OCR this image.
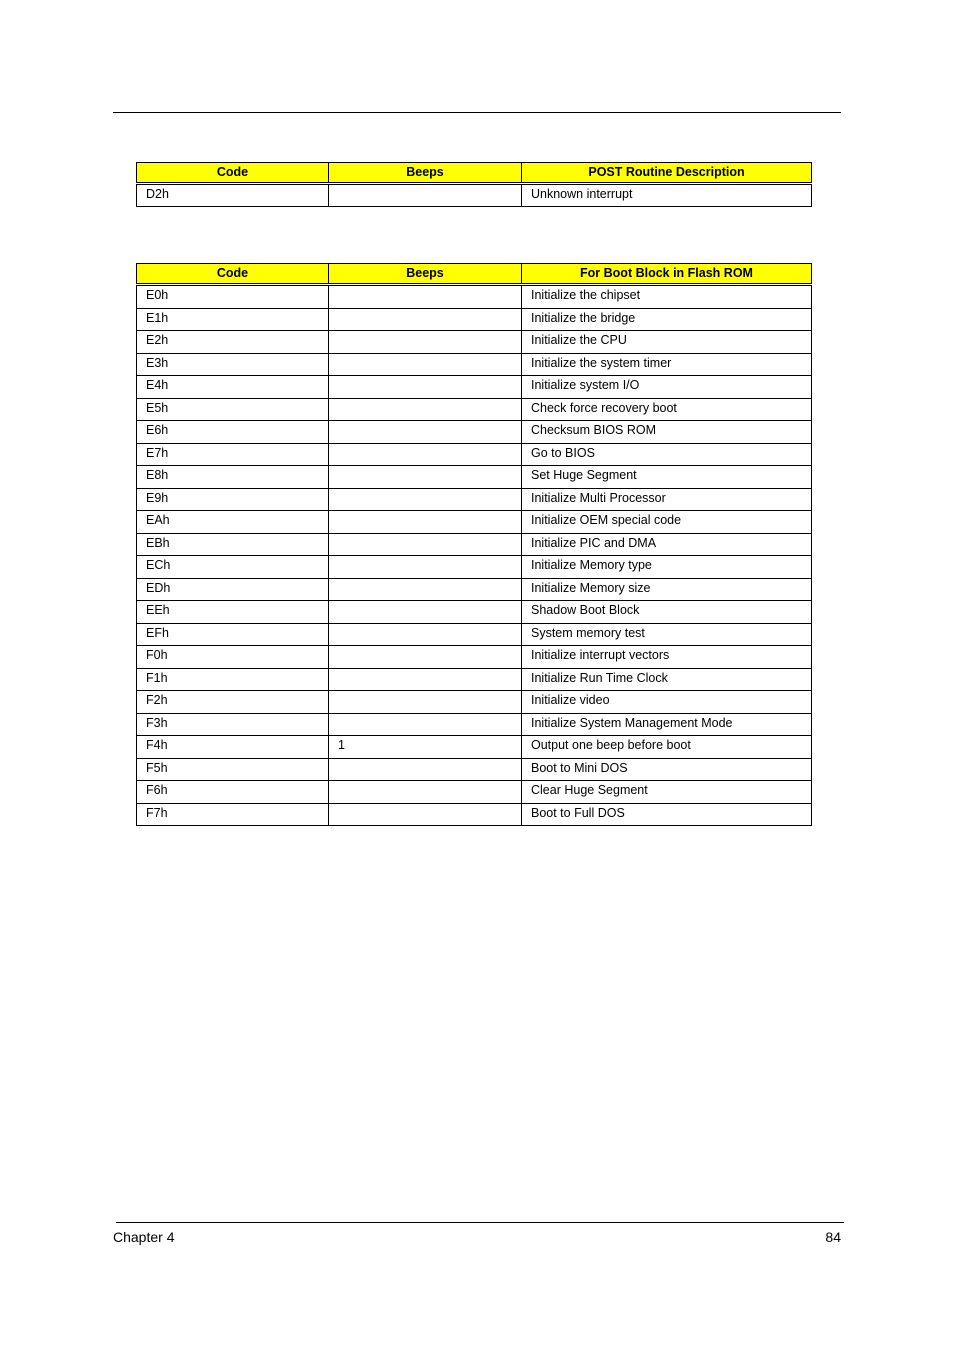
Code	Beeps	POST Routine Description
D2h		Unknown interrupt
Code	Beeps	For Boot Block in Flash ROM
E0h		Initialize the chipset
E1h		Initialize the bridge
E2h		Initialize the CPU
E3h		Initialize the system timer
E4h		Initialize system I/O
E5h		Check force recovery boot
E6h		Checksum BIOS ROM
E7h		Go to BIOS
E8h		Set Huge Segment
E9h		Initialize Multi Processor
EAh		Initialize OEM special code
EBh		Initialize PIC and DMA
ECh		Initialize Memory type
EDh		Initialize Memory size
EEh		Shadow Boot Block
EFh		System memory test
F0h		Initialize interrupt vectors
F1h		Initialize Run Time Clock
F2h		Initialize video
F3h		Initialize System Management Mode
F4h	1	Output one beep before boot
F5h		Boot to Mini DOS
F6h		Clear Huge Segment
F7h		Boot to Full DOS
Chapter 4	84
